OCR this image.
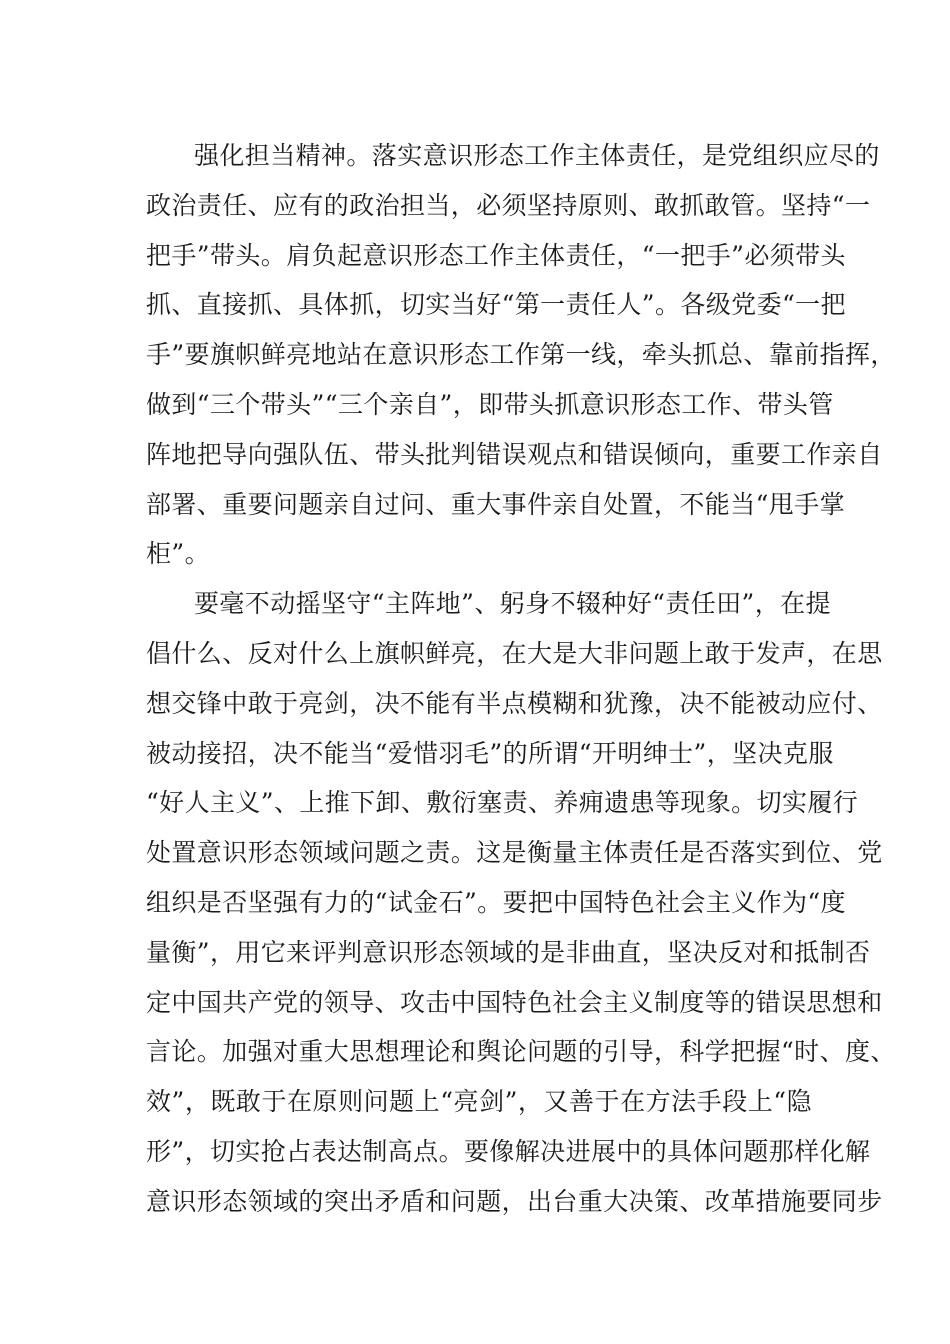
强化担当精神。落实意识形态工作主体责任，是党组织应尽的
政治责任、应有的政治担当，必须坚持原则、敢抓敢管。坚持“一
把手”带头。肩负起意识形态工作主体责任，“一把手”必须带头
抓、直接抓、具体抓，切实当好“第一责任人”。各级党委“一把
手”要旗帜鲜亮地站在意识形态工作第一线，牵头抓总、靠前指挥，
做到“三个带头”“三个亲自”，即带头抓意识形态工作、带头管
阵地把导向强队伍、带头批判错误观点和错误倾向，重要工作亲自
部署、重要问题亲自过问、重大事件亲自处置，不能当“甩手掌
柜”。
要毫不动摇坚守“主阵地”、躬身不辍种好“责任田”，在提
倡什么、反对什么上旗帜鲜亮，在大是大非问题上敢于发声，在思
想交锋中敢于亮剑，决不能有半点模糊和犹豫，决不能被动应付、
被动接招，决不能当“爱惜羽毛”的所谓“开明绅士”，坚决克服
“好人主义”、上推下卸、敷衍塞责、养痈遗患等现象。切实履行
处置意识形态领域问题之责。这是衡量主体责任是否落实到位、党
组织是否坚强有力的“试金石”。要把中国特色社会主义作为“度
量衡”，用它来评判意识形态领域的是非曲直，坚决反对和抵制否
定中国共产党的领导、攻击中国特色社会主义制度等的错误思想和
言论。加强对重大思想理论和舆论问题的引导，科学把握“时、度、
效”，既敢于在原则问题上“亮剑”，又善于在方法手段上“隐
形”，切实抢占表达制高点。要像解决进展中的具体问题那样化解
意识形态领域的突出矛盾和问题，出台重大决策、改革措施要同步
